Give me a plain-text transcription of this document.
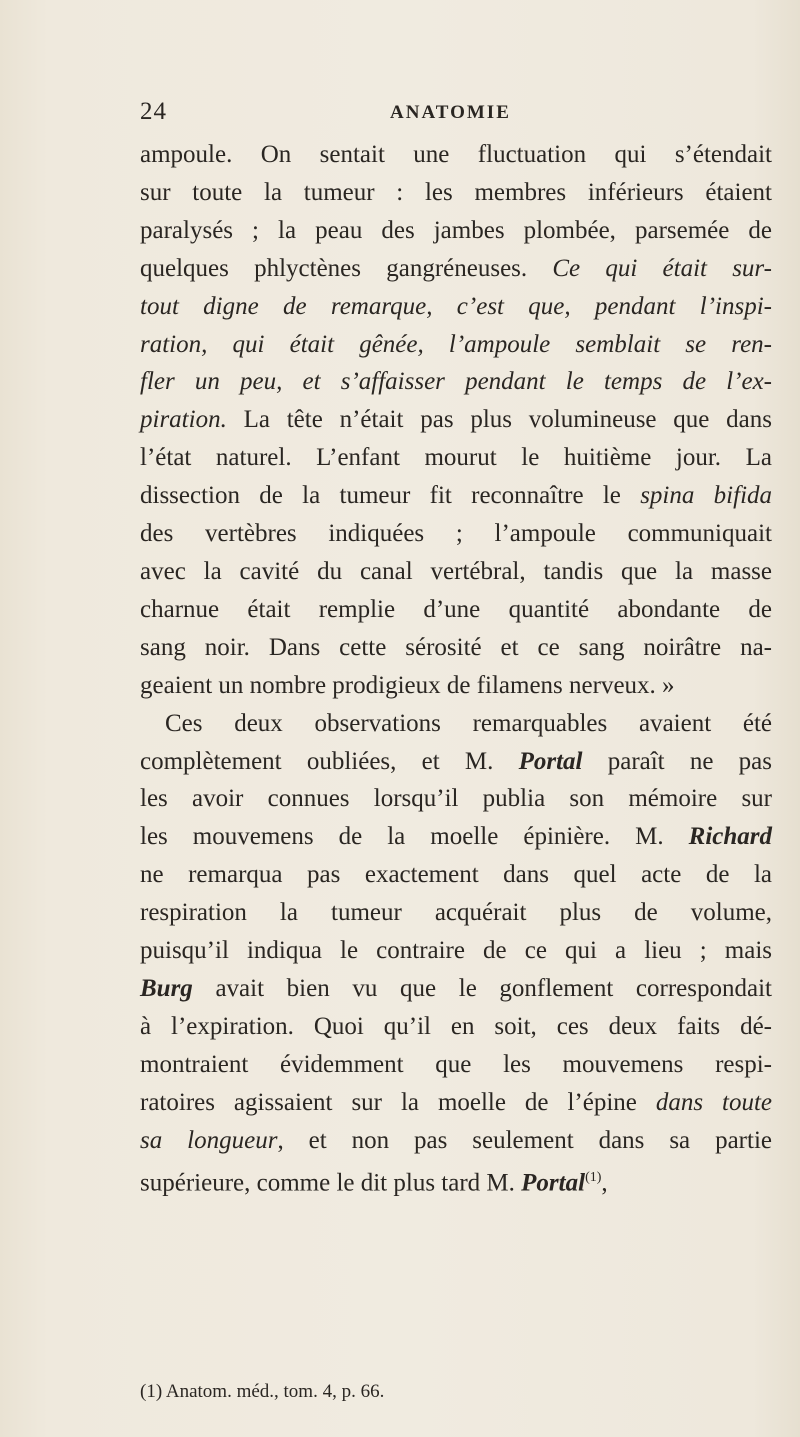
24	ANATOMIE
ampoule. On sentait une fluctuation qui s’étendait
sur toute la tumeur : les membres inférieurs étaient
paralysés ; la peau des jambes plombée, parsemée de
quelques phlyctènes gangréneuses. Ce qui était sur-
tout digne de remarque, c’est que, pendant l’inspi-
ration, qui était gênée, l’ampoule semblait se ren-
fler un peu, et s’affaisser pendant le temps de l’ex-
piration. La tête n’était pas plus volumineuse que dans
l’état naturel. L’enfant mourut le huitième jour. La
dissection de la tumeur fit reconnaître le spina bifida
des vertèbres indiquées ; l’ampoule communiquait
avec la cavité du canal vertébral, tandis que la masse
charnue était remplie d’une quantité abondante de
sang noir. Dans cette sérosité et ce sang noirâtre na-
geaient un nombre prodigieux de filamens nerveux. »
Ces deux observations remarquables avaient été
complètement oubliées, et M. Portal paraît ne pas
les avoir connues lorsqu’il publia son mémoire sur
les mouvemens de la moelle épinière. M. Richard
ne remarqua pas exactement dans quel acte de la
respiration la tumeur acquérait plus de volume,
puisqu’il indiqua le contraire de ce qui a lieu ; mais
Burg avait bien vu que le gonflement correspondait
à l’expiration. Quoi qu’il en soit, ces deux faits dé-
montraient évidemment que les mouvemens respi-
ratoires agissaient sur la moelle de l’épine dans toute
sa longueur, et non pas seulement dans sa partie
supérieure, comme le dit plus tard M. Portal$^{(1)}$,
(1) Anatom. méd., tom. 4, p. 66.
